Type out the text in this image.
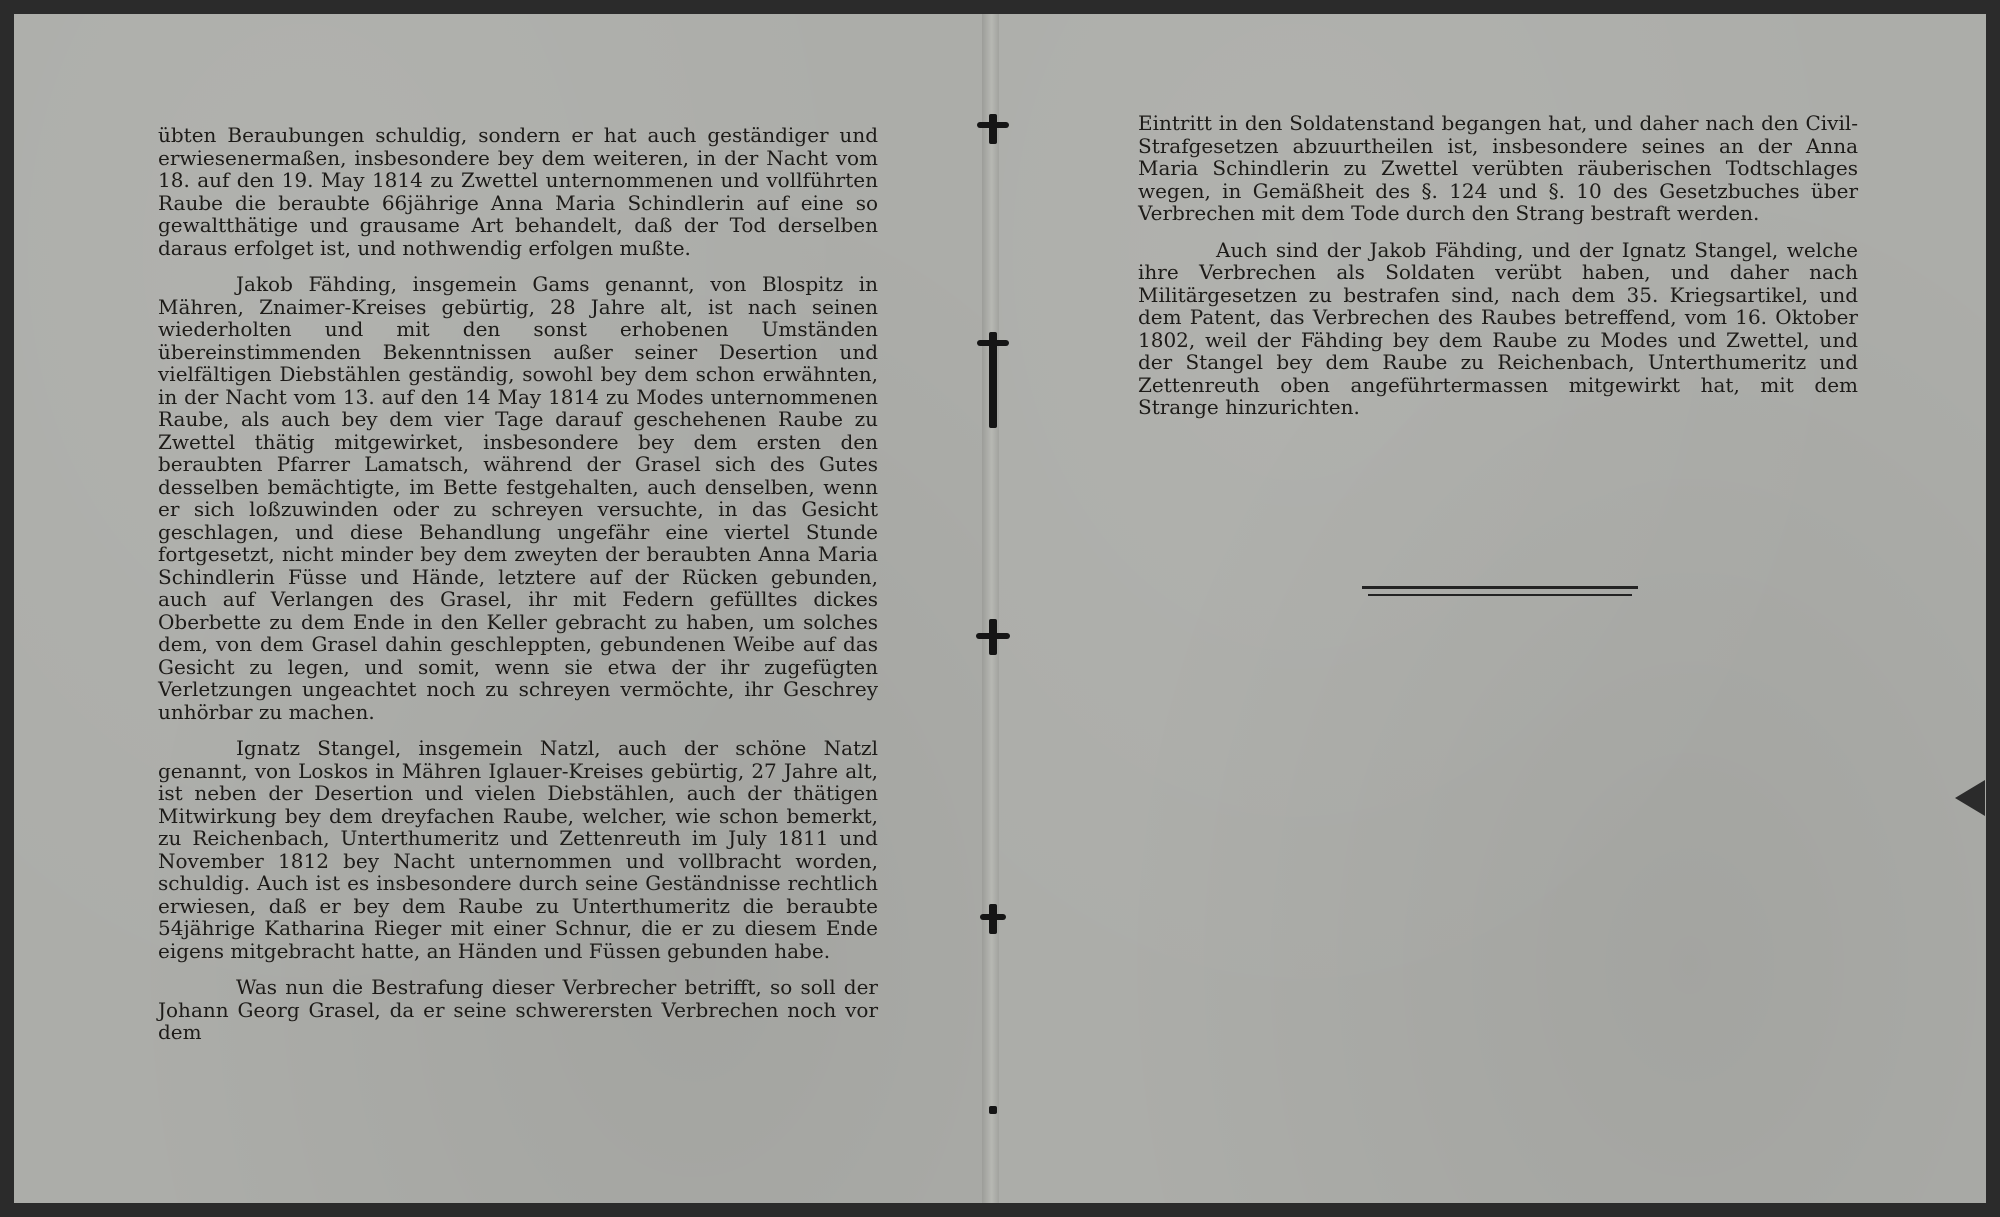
übten Beraubungen schuldig, sondern er hat auch geständiger und erwiesenermaßen, insbesondere bey dem weiteren, in der Nacht vom 18. auf den 19. May 1814 zu Zwettel unternommenen und vollführten Raube die beraubte 66jährige Anna Maria Schindlerin auf eine so gewaltthätige und grausame Art behandelt, daß der Tod derselben daraus erfolget ist, und nothwendig erfolgen mußte.

Jakob Fähding, insgemein Gams genannt, von Blospitz in Mähren, Znaimer-Kreises gebürtig, 28 Jahre alt, ist nach seinen wiederholten und mit den sonst erhobenen Umständen übereinstimmenden Bekenntnissen außer seiner Desertion und vielfältigen Diebstählen geständig, sowohl bey dem schon erwähnten, in der Nacht vom 13. auf den 14 May 1814 zu Modes unternommenen Raube, als auch bey dem vier Tage darauf geschehenen Raube zu Zwettel thätig mitgewirket, insbesondere bey dem ersten den beraubten Pfarrer Lamatsch, während der Grasel sich des Gutes desselben bemächtigte, im Bette festgehalten, auch denselben, wenn er sich loßzuwinden oder zu schreyen versuchte, in das Gesicht geschlagen, und diese Behandlung ungefähr eine viertel Stunde fortgesetzt, nicht minder bey dem zweyten der beraubten Anna Maria Schindlerin Füsse und Hände, letztere auf der Rücken gebunden, auch auf Verlangen des Grasel, ihr mit Federn gefülltes dickes Oberbette zu dem Ende in den Keller gebracht zu haben, um solches dem, von dem Grasel dahin geschleppten, gebundenen Weibe auf das Gesicht zu legen, und somit, wenn sie etwa der ihr zugefügten Verletzungen ungeachtet noch zu schreyen vermöchte, ihr Geschrey unhörbar zu machen.

Ignatz Stangel, insgemein Natzl, auch der schöne Natzl genannt, von Loskos in Mähren Iglauer-Kreises gebürtig, 27 Jahre alt, ist neben der Desertion und vielen Diebstählen, auch der thätigen Mitwirkung bey dem dreyfachen Raube, welcher, wie schon bemerkt, zu Reichenbach, Unterthumeritz und Zettenreuth im July 1811 und November 1812 bey Nacht unternommen und vollbracht worden, schuldig. Auch ist es insbesondere durch seine Geständnisse rechtlich erwiesen, daß er bey dem Raube zu Unterthumeritz die beraubte 54jährige Katharina Rieger mit einer Schnur, die er zu diesem Ende eigens mitgebracht hatte, an Händen und Füssen gebunden habe.

Was nun die Bestrafung dieser Verbrecher betrifft, so soll der Johann Georg Grasel, da er seine schwerersten Verbrechen noch vor dem

Eintritt in den Soldatenstand begangen hat, und daher nach den Civil-Strafgesetzen abzuurtheilen ist, insbesondere seines an der Anna Maria Schindlerin zu Zwettel verübten räuberischen Todtschlages wegen, in Gemäßheit des §. 124 und §. 10 des Gesetzbuches über Verbrechen mit dem Tode durch den Strang bestraft werden.

Auch sind der Jakob Fähding, und der Ignatz Stangel, welche ihre Verbrechen als Soldaten verübt haben, und daher nach Militärgesetzen zu bestrafen sind, nach dem 35. Kriegsartikel, und dem Patent, das Verbrechen des Raubes betreffend, vom 16. Oktober 1802, weil der Fähding bey dem Raube zu Modes und Zwettel, und der Stangel bey dem Raube zu Reichenbach, Unterthumeritz und Zettenreuth oben angeführtermassen mitgewirkt hat, mit dem Strange hinzurichten.
